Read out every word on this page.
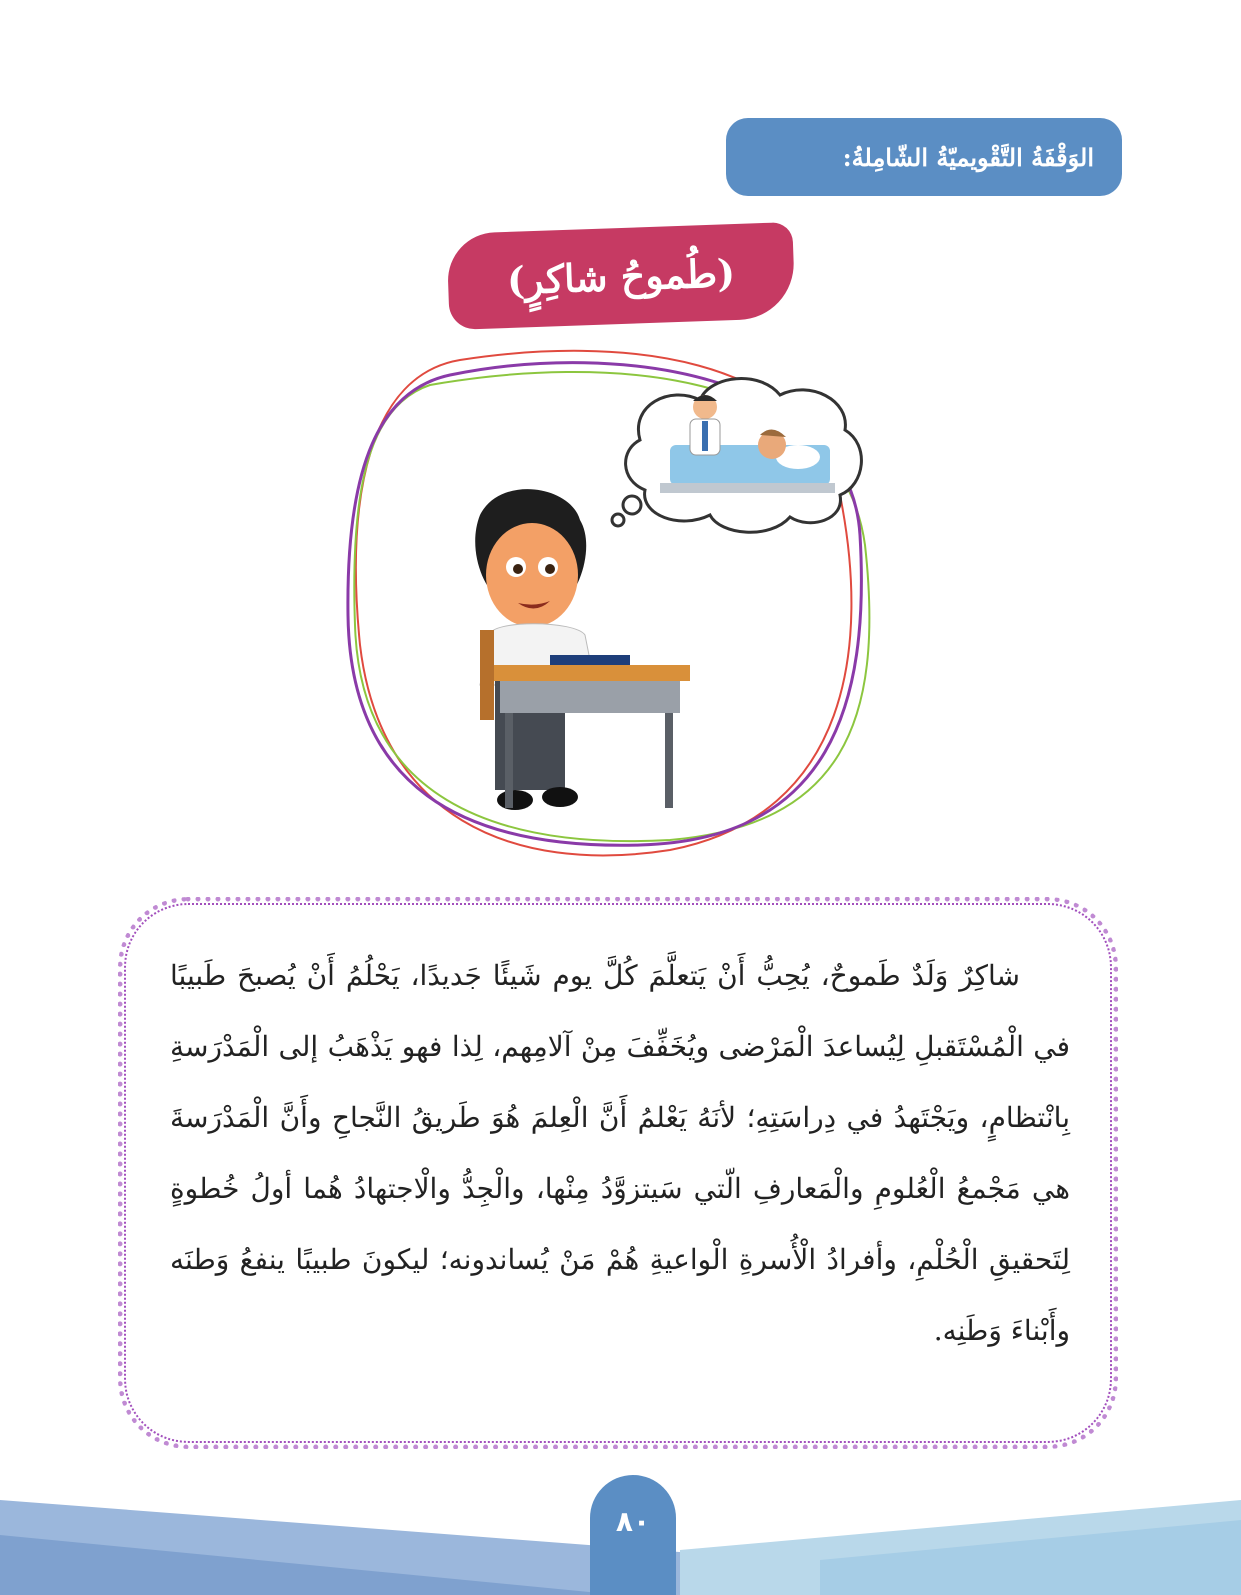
الوَقْفَةُ التَّقْويميّةُ الشّامِلةُ:
(طُموحُ شاكِرٍ)

شاكِرٌ وَلَدٌ طَموحٌ، يُحِبُّ أَنْ يَتعلَّمَ كُلَّ يوم شَيئًا جَديدًا، يَحْلُمُ أَنْ يُصبحَ طَبيبًا في الْمُسْتَقبلِ لِيُساعدَ الْمَرْضى ويُخَفِّفَ مِنْ آلامِهم، لِذا فهو يَذْهَبُ إلى الْمَدْرَسةِ بِانْتظامٍ، ويَجْتَهدُ في دِراسَتِهِ؛ لأنَهُ يَعْلمُ أَنَّ الْعِلمَ هُوَ طَريقُ النَّجاحِ وأَنَّ الْمَدْرَسةَ هي مَجْمعُ الْعُلومِ والْمَعارفِ الّتي سَيتزوَّدُ مِنْها، والْجِدُّ والْاجتهادُ هُما أولُ خُطوةٍ لِتَحقيقِ الْحُلْمِ، وأفرادُ الْأُسرةِ الْواعيةِ هُمْ مَنْ يُساندونه؛ ليكونَ طبيبًا ينفعُ وَطنَه وأَبْناءَ وَطَنِه.

٨٠
